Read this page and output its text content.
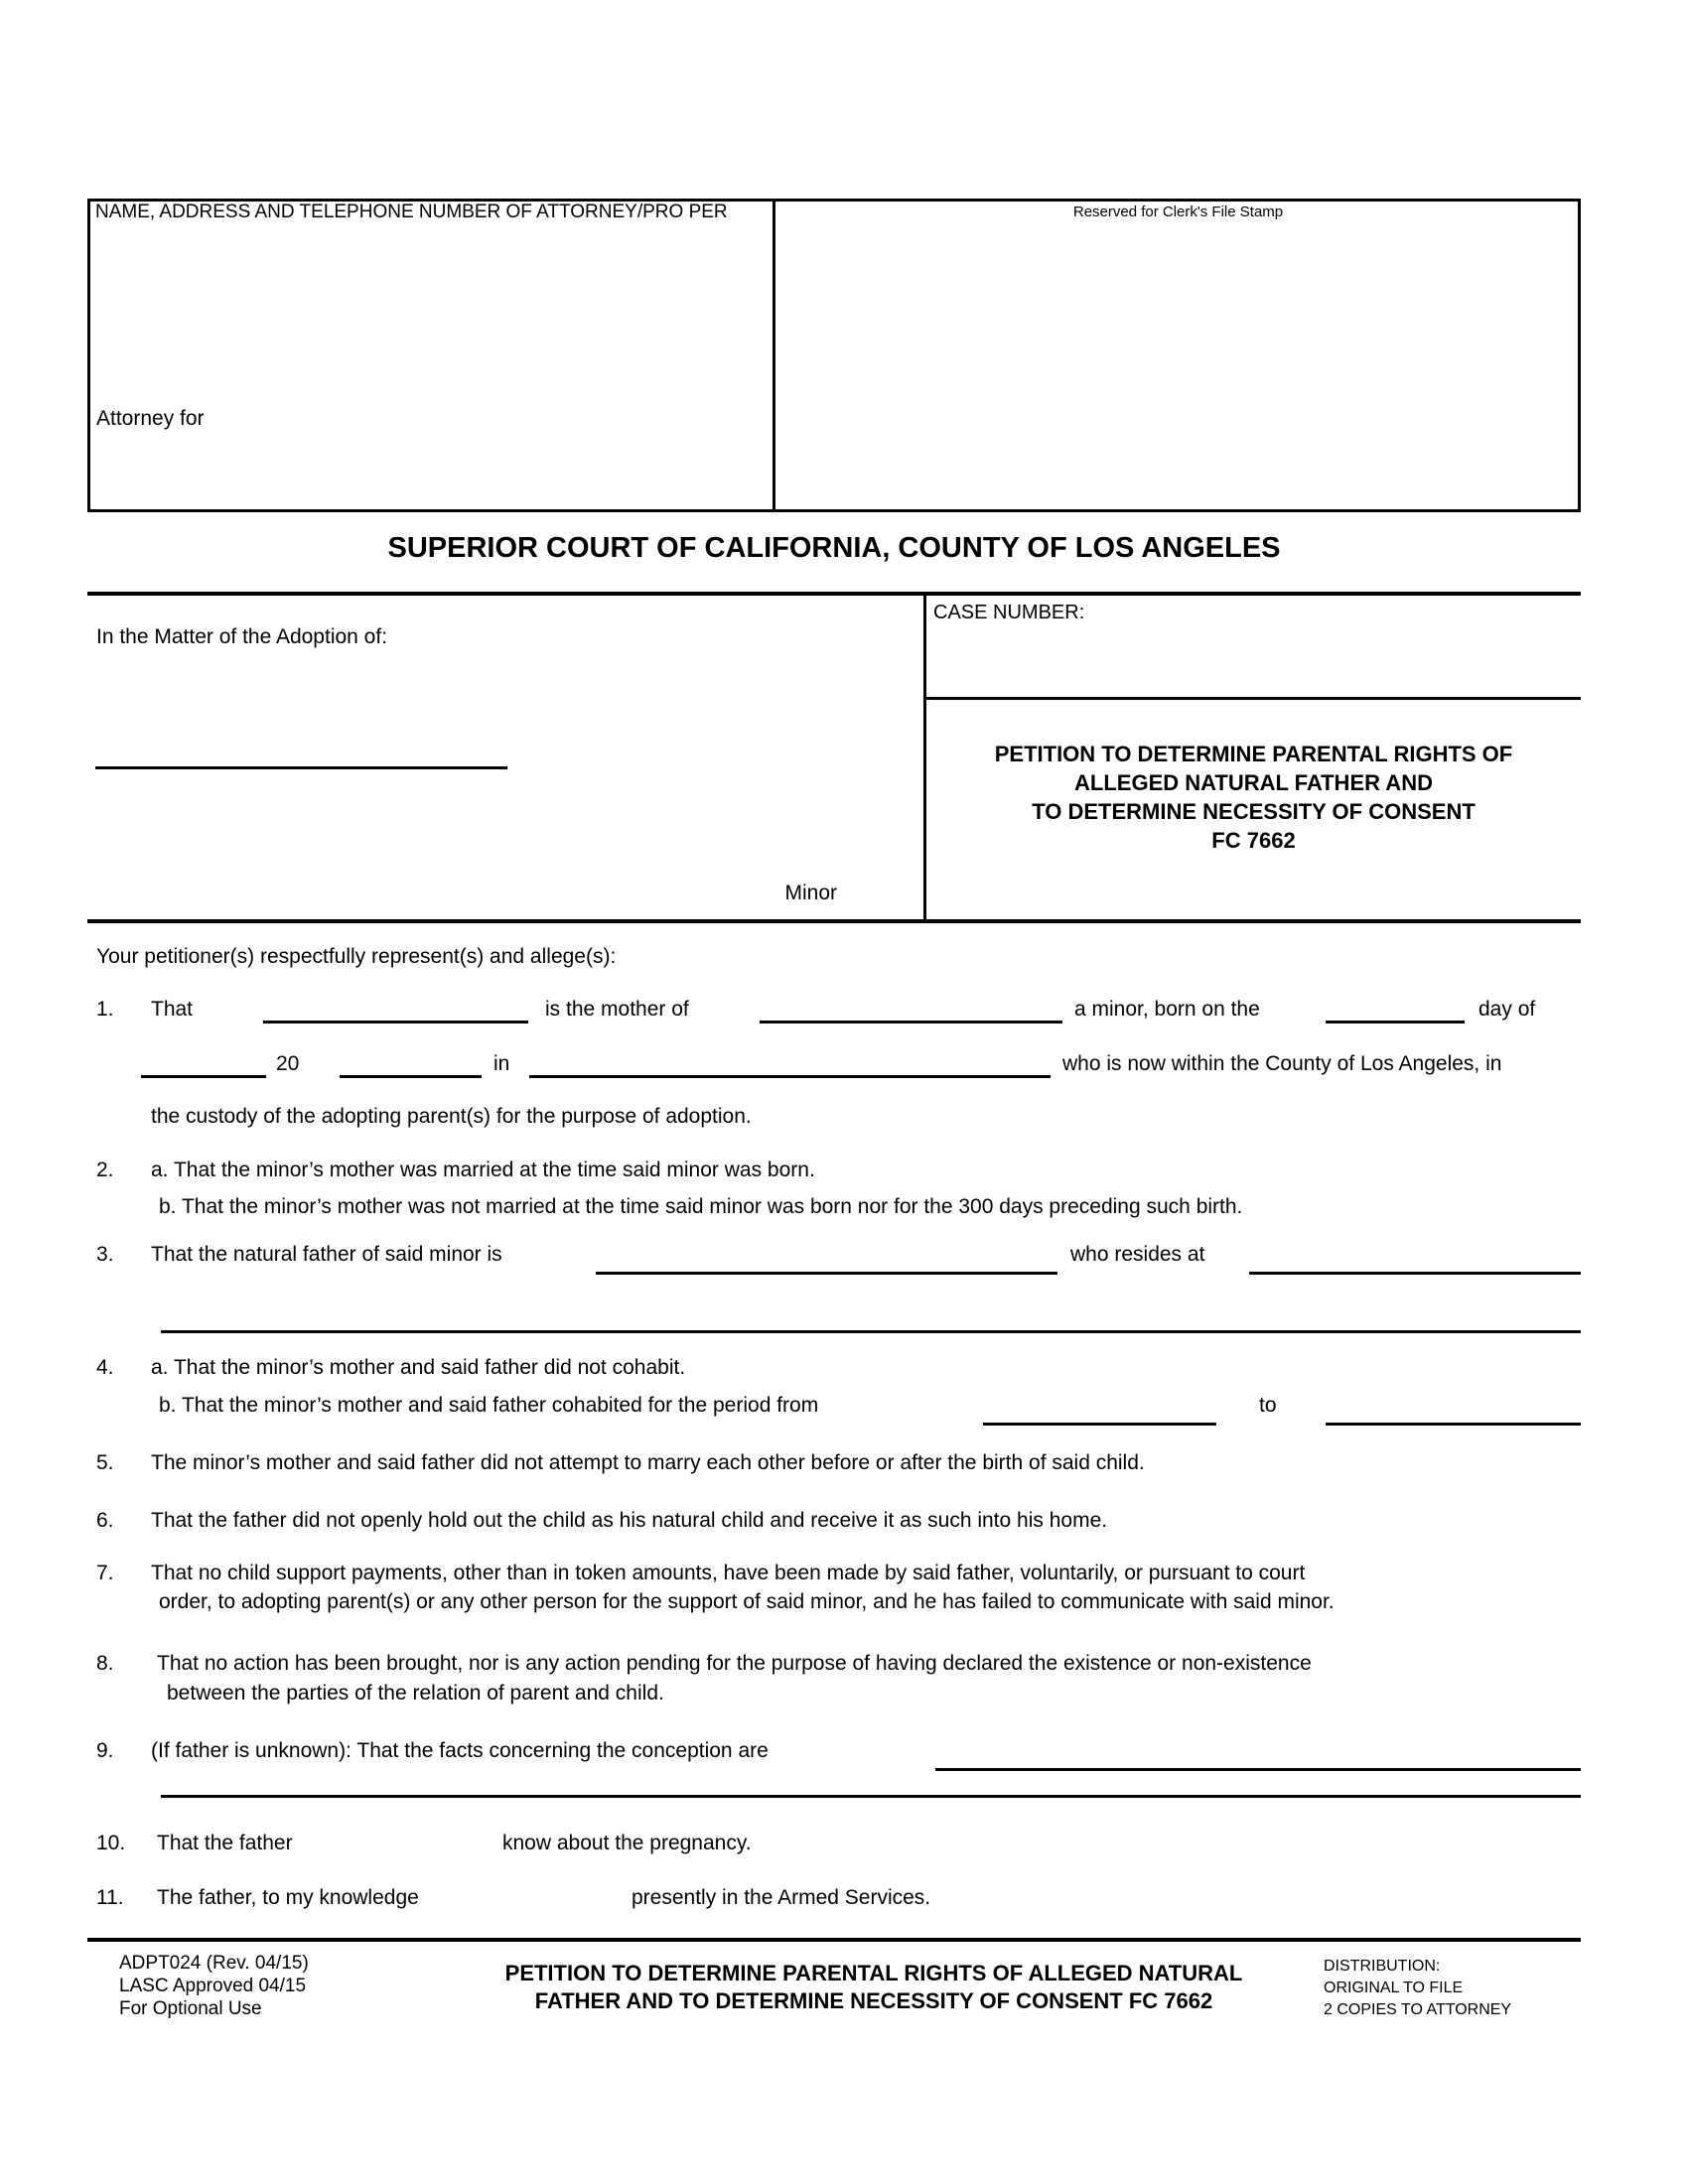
NAME, ADDRESS AND TELEPHONE NUMBER OF ATTORNEY/PRO PER
Attorney for
Reserved for Clerk's File Stamp
SUPERIOR COURT OF CALIFORNIA, COUNTY OF LOS ANGELES
In the Matter of the Adoption of:
Minor
CASE NUMBER:
PETITION TO DETERMINE PARENTAL RIGHTS OF
ALLEGED NATURAL FATHER AND
TO DETERMINE NECESSITY OF CONSENT
FC 7662
Your petitioner(s) respectfully represent(s) and allege(s):
1. That	is the mother of	a minor, born on the	day of
20	in	who is now within the County of Los Angeles, in
the custody of the adopting parent(s) for the purpose of adoption.
2. a. That the minor’s mother was married at the time said minor was born.
b. That the minor’s mother was not married at the time said minor was born nor for the 300 days preceding such birth.
3. That the natural father of said minor is	who resides at
4. a. That the minor’s mother and said father did not cohabit.
b. That the minor’s mother and said father cohabited for the period from	to
5. The minor’s mother and said father did not attempt to marry each other before or after the birth of said child.
6. That the father did not openly hold out the child as his natural child and receive it as such into his home.
7. That no child support payments, other than in token amounts, have been made by said father, voluntarily, or pursuant to court
order, to adopting parent(s) or any other person for the support of said minor, and he has failed to communicate with said minor.
8. That no action has been brought, nor is any action pending for the purpose of having declared the existence or non-existence
between the parties of the relation of parent and child.
9. (If father is unknown): That the facts concerning the conception are
10. That the father	know about the pregnancy.
11. The father, to my knowledge	presently in the Armed Services.
ADPT024 (Rev. 04/15)
LASC Approved 04/15
For Optional Use
PETITION TO DETERMINE PARENTAL RIGHTS OF ALLEGED NATURAL
FATHER AND TO DETERMINE NECESSITY OF CONSENT FC 7662
DISTRIBUTION:
ORIGINAL TO FILE
2 COPIES TO ATTORNEY
